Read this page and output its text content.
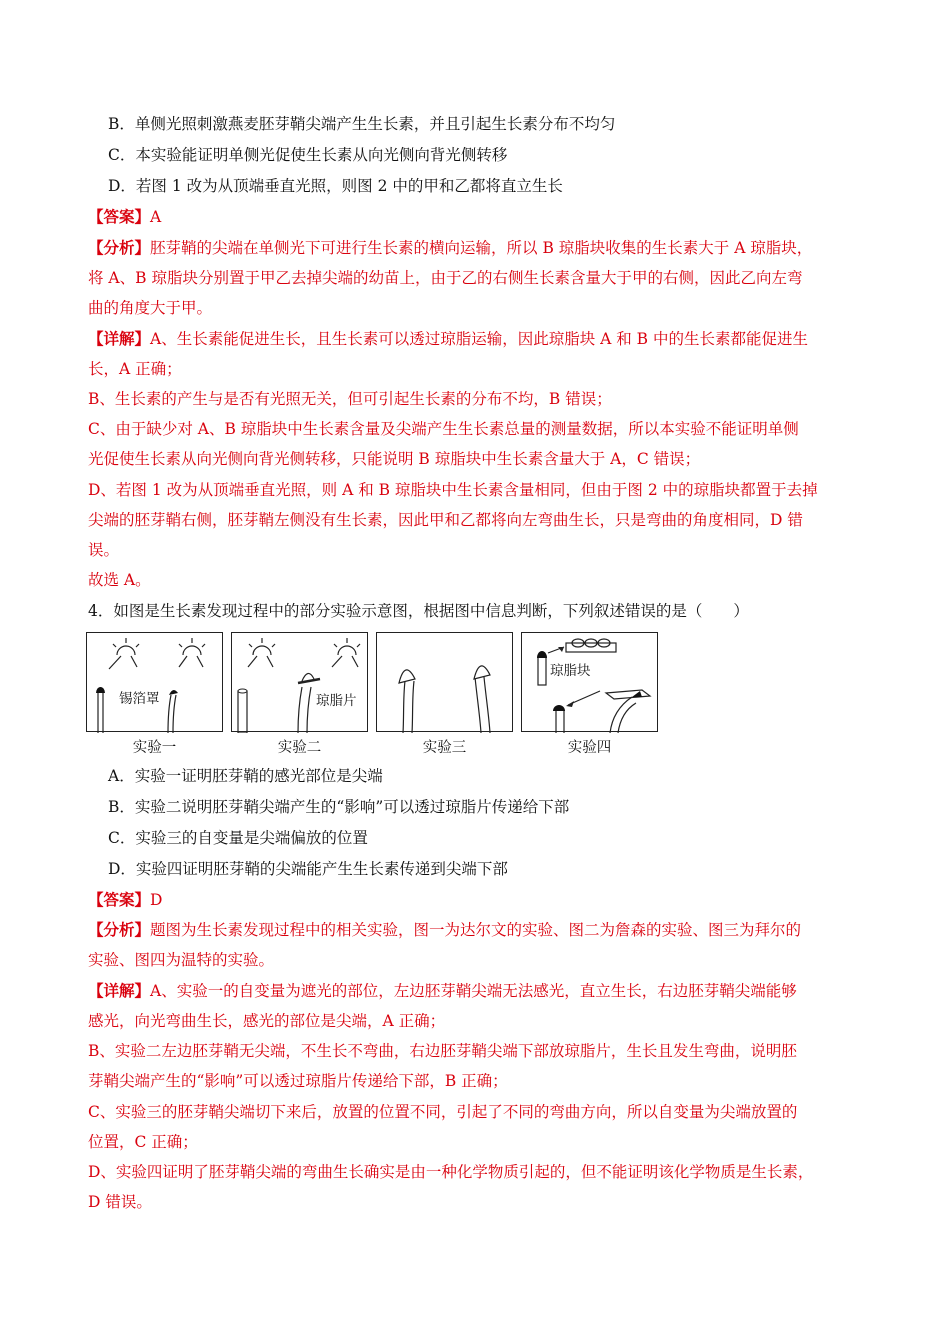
B．单侧光照刺激燕麦胚芽鞘尖端产生生长素，并且引起生长素分布不均匀
C．本实验能证明单侧光促使生长素从向光侧向背光侧转移
D．若图 1 改为从顶端垂直光照，则图 2 中的甲和乙都将直立生长
【答案】A
【分析】胚芽鞘的尖端在单侧光下可进行生长素的横向运输，所以 B 琼脂块收集的生长素大于 A 琼脂块，
将 A、B 琼脂块分别置于甲乙去掉尖端的幼苗上，由于乙的右侧生长素含量大于甲的右侧，因此乙向左弯
曲的角度大于甲。
【详解】A、生长素能促进生长，且生长素可以透过琼脂运输，因此琼脂块 A 和 B 中的生长素都能促进生
长，A 正确；
B、生长素的产生与是否有光照无关，但可引起生长素的分布不均，B 错误；
C、由于缺少对 A、B 琼脂块中生长素含量及尖端产生生长素总量的测量数据，所以本实验不能证明单侧
光促使生长素从向光侧向背光侧转移，只能说明 B 琼脂块中生长素含量大于 A，C 错误；
D、若图 1 改为从顶端垂直光照，则 A 和 B 琼脂块中生长素含量相同，但由于图 2 中的琼脂块都置于去掉
尖端的胚芽鞘右侧，胚芽鞘左侧没有生长素，因此甲和乙都将向左弯曲生长，只是弯曲的角度相同，D 错
误。
故选 A。
4．如图是生长素发现过程中的部分实验示意图，根据图中信息判断，下列叙述错误的是（　　）
锡箔罩	琼脂片
琼脂块
实验一	实验二	实验三	实验四
A．实验一证明胚芽鞘的感光部位是尖端
B．实验二说明胚芽鞘尖端产生的“影响”可以透过琼脂片传递给下部
C．实验三的自变量是尖端偏放的位置
D．实验四证明胚芽鞘的尖端能产生生长素传递到尖端下部
【答案】D
【分析】题图为生长素发现过程中的相关实验，图一为达尔文的实验、图二为詹森的实验、图三为拜尔的
实验、图四为温特的实验。
【详解】A、实验一的自变量为遮光的部位，左边胚芽鞘尖端无法感光，直立生长，右边胚芽鞘尖端能够
感光，向光弯曲生长，感光的部位是尖端，A 正确；
B、实验二左边胚芽鞘无尖端，不生长不弯曲，右边胚芽鞘尖端下部放琼脂片，生长且发生弯曲，说明胚
芽鞘尖端产生的“影响”可以透过琼脂片传递给下部，B 正确；
C、实验三的胚芽鞘尖端切下来后，放置的位置不同，引起了不同的弯曲方向，所以自变量为尖端放置的
位置，C 正确；
D、实验四证明了胚芽鞘尖端的弯曲生长确实是由一种化学物质引起的，但不能证明该化学物质是生长素，
D 错误。
